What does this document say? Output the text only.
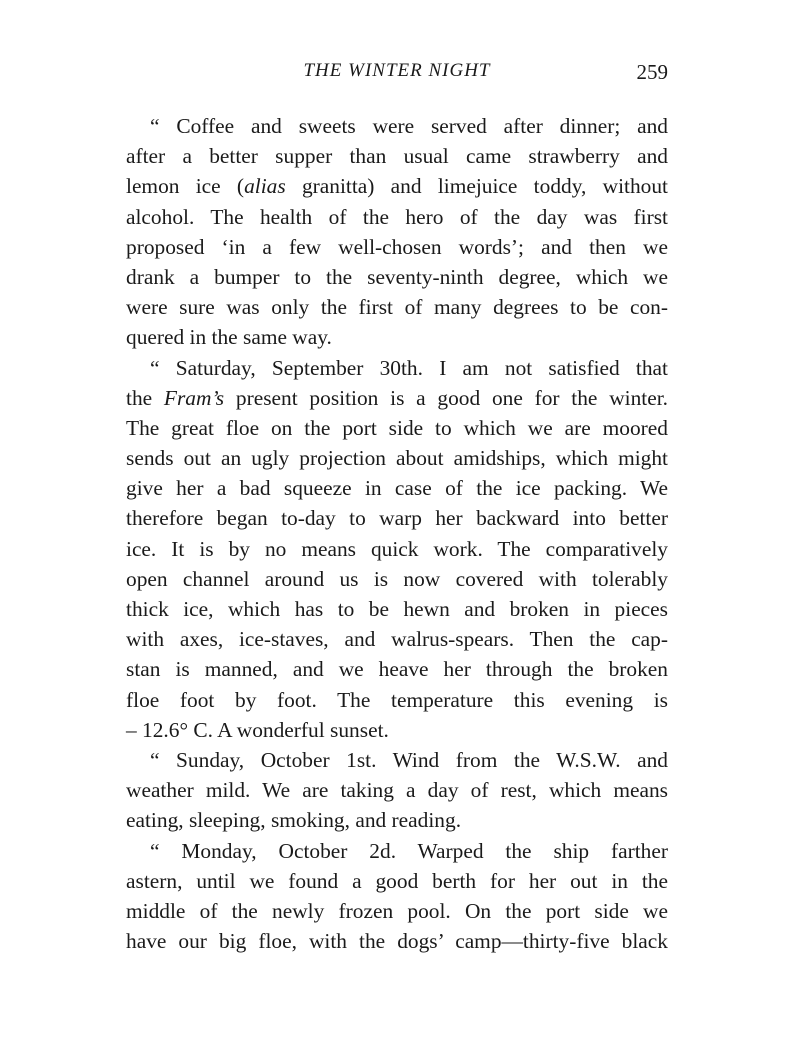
THE WINTER NIGHT	259
“ Coffee and sweets were served after dinner; and
after a better supper than usual came strawberry and
lemon ice (alias granitta) and limejuice toddy, without
alcohol. The health of the hero of the day was first
proposed ‘in a few well-chosen words’; and then we
drank a bumper to the seventy-ninth degree, which we
were sure was only the first of many degrees to be con-
quered in the same way.
“ Saturday, September 30th. I am not satisfied that
the Fram’s present position is a good one for the winter.
The great floe on the port side to which we are moored
sends out an ugly projection about amidships, which might
give her a bad squeeze in case of the ice packing. We
therefore began to-day to warp her backward into better
ice. It is by no means quick work. The comparatively
open channel around us is now covered with tolerably
thick ice, which has to be hewn and broken in pieces
with axes, ice-staves, and walrus-spears. Then the cap-
stan is manned, and we heave her through the broken
floe foot by foot. The temperature this evening is
– 12.6° C. A wonderful sunset.
“ Sunday, October 1st. Wind from the W.S.W. and
weather mild. We are taking a day of rest, which means
eating, sleeping, smoking, and reading.
“ Monday, October 2d. Warped the ship farther
astern, until we found a good berth for her out in the
middle of the newly frozen pool. On the port side we
have our big floe, with the dogs’ camp—thirty-five black
